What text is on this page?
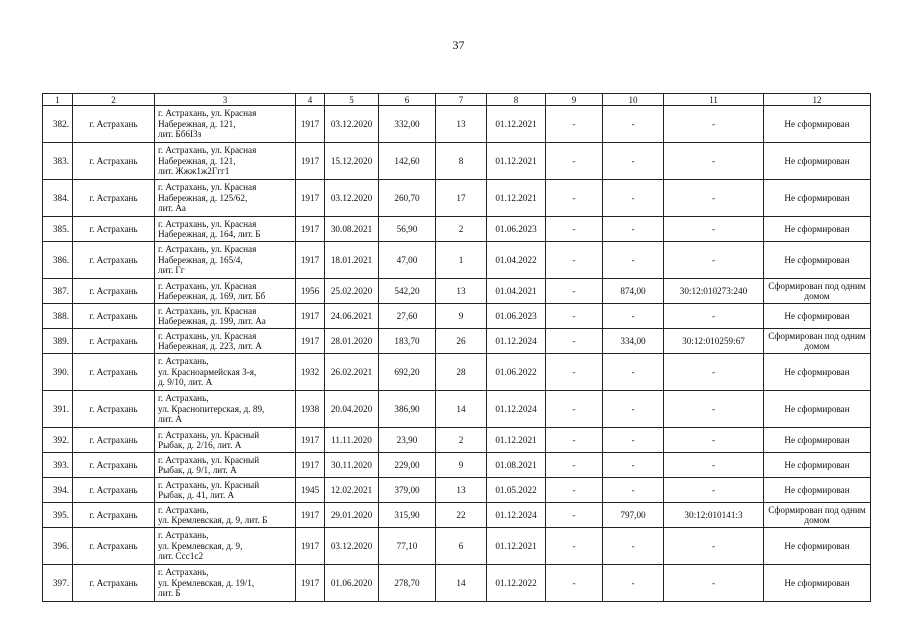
37
1	2	3	4	5	6	7	8	9	10	11	12
382.	г. Астрахань	г. Астрахань, ул. Красная
Набережная, д. 121,
лит. Бб6I3з	1917	03.12.2020	332,00	13	01.12.2021	-	-	-	Не сформирован
383.	г. Астрахань	г. Астрахань, ул. Красная
Набережная, д. 121,
лит. Жжж1ж2Ггг1	1917	15.12.2020	142,60	8	01.12.2021	-	-	-	Не сформирован
384.	г. Астрахань	г. Астрахань, ул. Красная
Набережная, д. 125/62,
лит. Аа	1917	03.12.2020	260,70	17	01.12.2021	-	-	-	Не сформирован
385.	г. Астрахань	г. Астрахань, ул. Красная
Набережная, д. 164, лит. Б	1917	30.08.2021	56,90	2	01.06.2023	-	-	-	Не сформирован
386.	г. Астрахань	г. Астрахань, ул. Красная
Набережная, д. 165/4,
лит. Гг	1917	18.01.2021	47,00	1	01.04.2022	-	-	-	Не сформирован
387.	г. Астрахань	г. Астрахань, ул. Красная
Набережная, д. 169, лит. Бб	1956	25.02.2020	542,20	13	01.04.2021	-	874,00	30:12:010273:240	Сформирован под одним домом
388.	г. Астрахань	г. Астрахань, ул. Красная
Набережная, д. 199, лит. Аа	1917	24.06.2021	27,60	9	01.06.2023	-	-	-	Не сформирован
389.	г. Астрахань	г. Астрахань, ул. Красная
Набережная, д. 223, лит. А	1917	28.01.2020	183,70	26	01.12.2024	-	334,00	30:12:010259:67	Сформирован под одним домом
390.	г. Астрахань	г. Астрахань,
ул. Красноармейская 3-я,
д. 9/10, лит. А	1932	26.02.2021	692,20	28	01.06.2022	-	-	-	Не сформирован
391.	г. Астрахань	г. Астрахань,
ул. Краснопитерская, д. 89,
лит. А	1938	20.04.2020	386,90	14	01.12.2024	-	-	-	Не сформирован
392.	г. Астрахань	г. Астрахань, ул. Красный
Рыбак, д. 2/16, лит. А	1917	11.11.2020	23,90	2	01.12.2021	-	-	-	Не сформирован
393.	г. Астрахань	г. Астрахань, ул. Красный
Рыбак, д. 9/1, лит. А	1917	30.11.2020	229,00	9	01.08.2021	-	-	-	Не сформирован
394.	г. Астрахань	г. Астрахань, ул. Красный
Рыбак, д. 41, лит. А	1945	12.02.2021	379,00	13	01.05.2022	-	-	-	Не сформирован
395.	г. Астрахань	г. Астрахань,
ул. Кремлевская, д. 9, лит. Б	1917	29.01.2020	315,90	22	01.12.2024	-	797,00	30:12:010141:3	Сформирован под одним домом
396.	г. Астрахань	г. Астрахань,
ул. Кремлевская, д. 9,
лит. Ссс1с2	1917	03.12.2020	77,10	6	01.12.2021	-	-	-	Не сформирован
397.	г. Астрахань	г. Астрахань,
ул. Кремлевская, д. 19/1,
лит. Б	1917	01.06.2020	278,70	14	01.12.2022	-	-	-	Не сформирован
